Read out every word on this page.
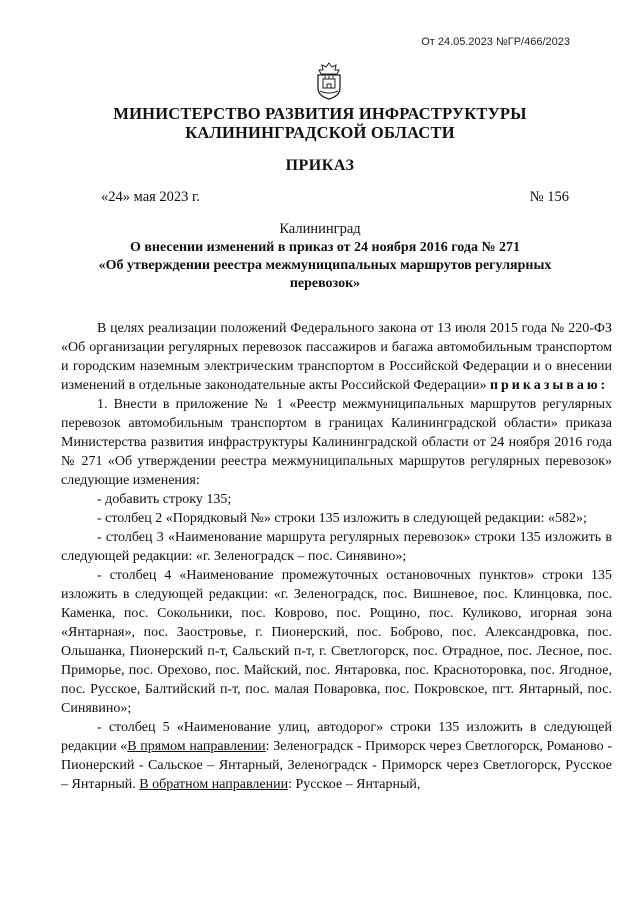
От 24.05.2023 №ГР/466/2023
МИНИСТЕРСТВО РАЗВИТИЯ ИНФРАСТРУКТУРЫ
КАЛИНИНГРАДСКОЙ ОБЛАСТИ
ПРИКАЗ
«24» мая 2023 г.	№ 156
Калининград
О внесении изменений в приказ от 24 ноября 2016 года № 271
«Об утверждении реестра межмуниципальных маршрутов регулярных перевозок»

В целях реализации положений Федерального закона от 13 июля 2015 года № 220-ФЗ «Об организации регулярных перевозок пассажиров и багажа автомобильным транспортом и городским наземным электрическим транспортом в Российской Федерации и о внесении изменений в отдельные законодательные акты Российской Федерации» приказываю:

1. Внести в приложение № 1 «Реестр межмуниципальных маршрутов регулярных перевозок автомобильным транспортом в границах Калининградской области» приказа Министерства развития инфраструктуры Калининградской области от 24 ноября 2016 года № 271 «Об утверждении реестра межмуниципальных маршрутов регулярных перевозок» следующие изменения:

- добавить строку 135;

- столбец 2 «Порядковый №» строки 135 изложить в следующей редакции: «582»;

- столбец 3 «Наименование маршрута регулярных перевозок» строки 135 изложить в следующей редакции: «г. Зеленоградск – пос. Синявино»;

- столбец 4 «Наименование промежуточных остановочных пунктов» строки 135 изложить в следующей редакции: «г. Зеленоградск, пос. Вишневое, пос. Клинцовка, пос. Каменка, пос. Сокольники, пос. Коврово, пос. Рощино, пос. Куликово, игорная зона «Янтарная», пос. Заостровье, г. Пионерский, пос. Боброво, пос. Александровка, пос. Ольшанка, Пионерский п-т, Сальский п-т, г. Светлогорск, пос. Отрадное, пос. Лесное, пос. Приморье, пос. Орехово, пос. Майский, пос. Янтаровка, пос. Красноторовка, пос. Ягодное, пос. Русское, Балтийский п-т, пос. малая Поваровка, пос. Покровское, пгт. Янтарный, пос. Синявино»;

- столбец 5 «Наименование улиц, автодорог» строки 135 изложить в следующей редакции «В прямом направлении: Зеленоградск - Приморск через Светлогорск, Романово - Пионерский - Сальское – Янтарный, Зеленоградск - Приморск через Светлогорск, Русское – Янтарный. В обратном направлении: Русское – Янтарный,
